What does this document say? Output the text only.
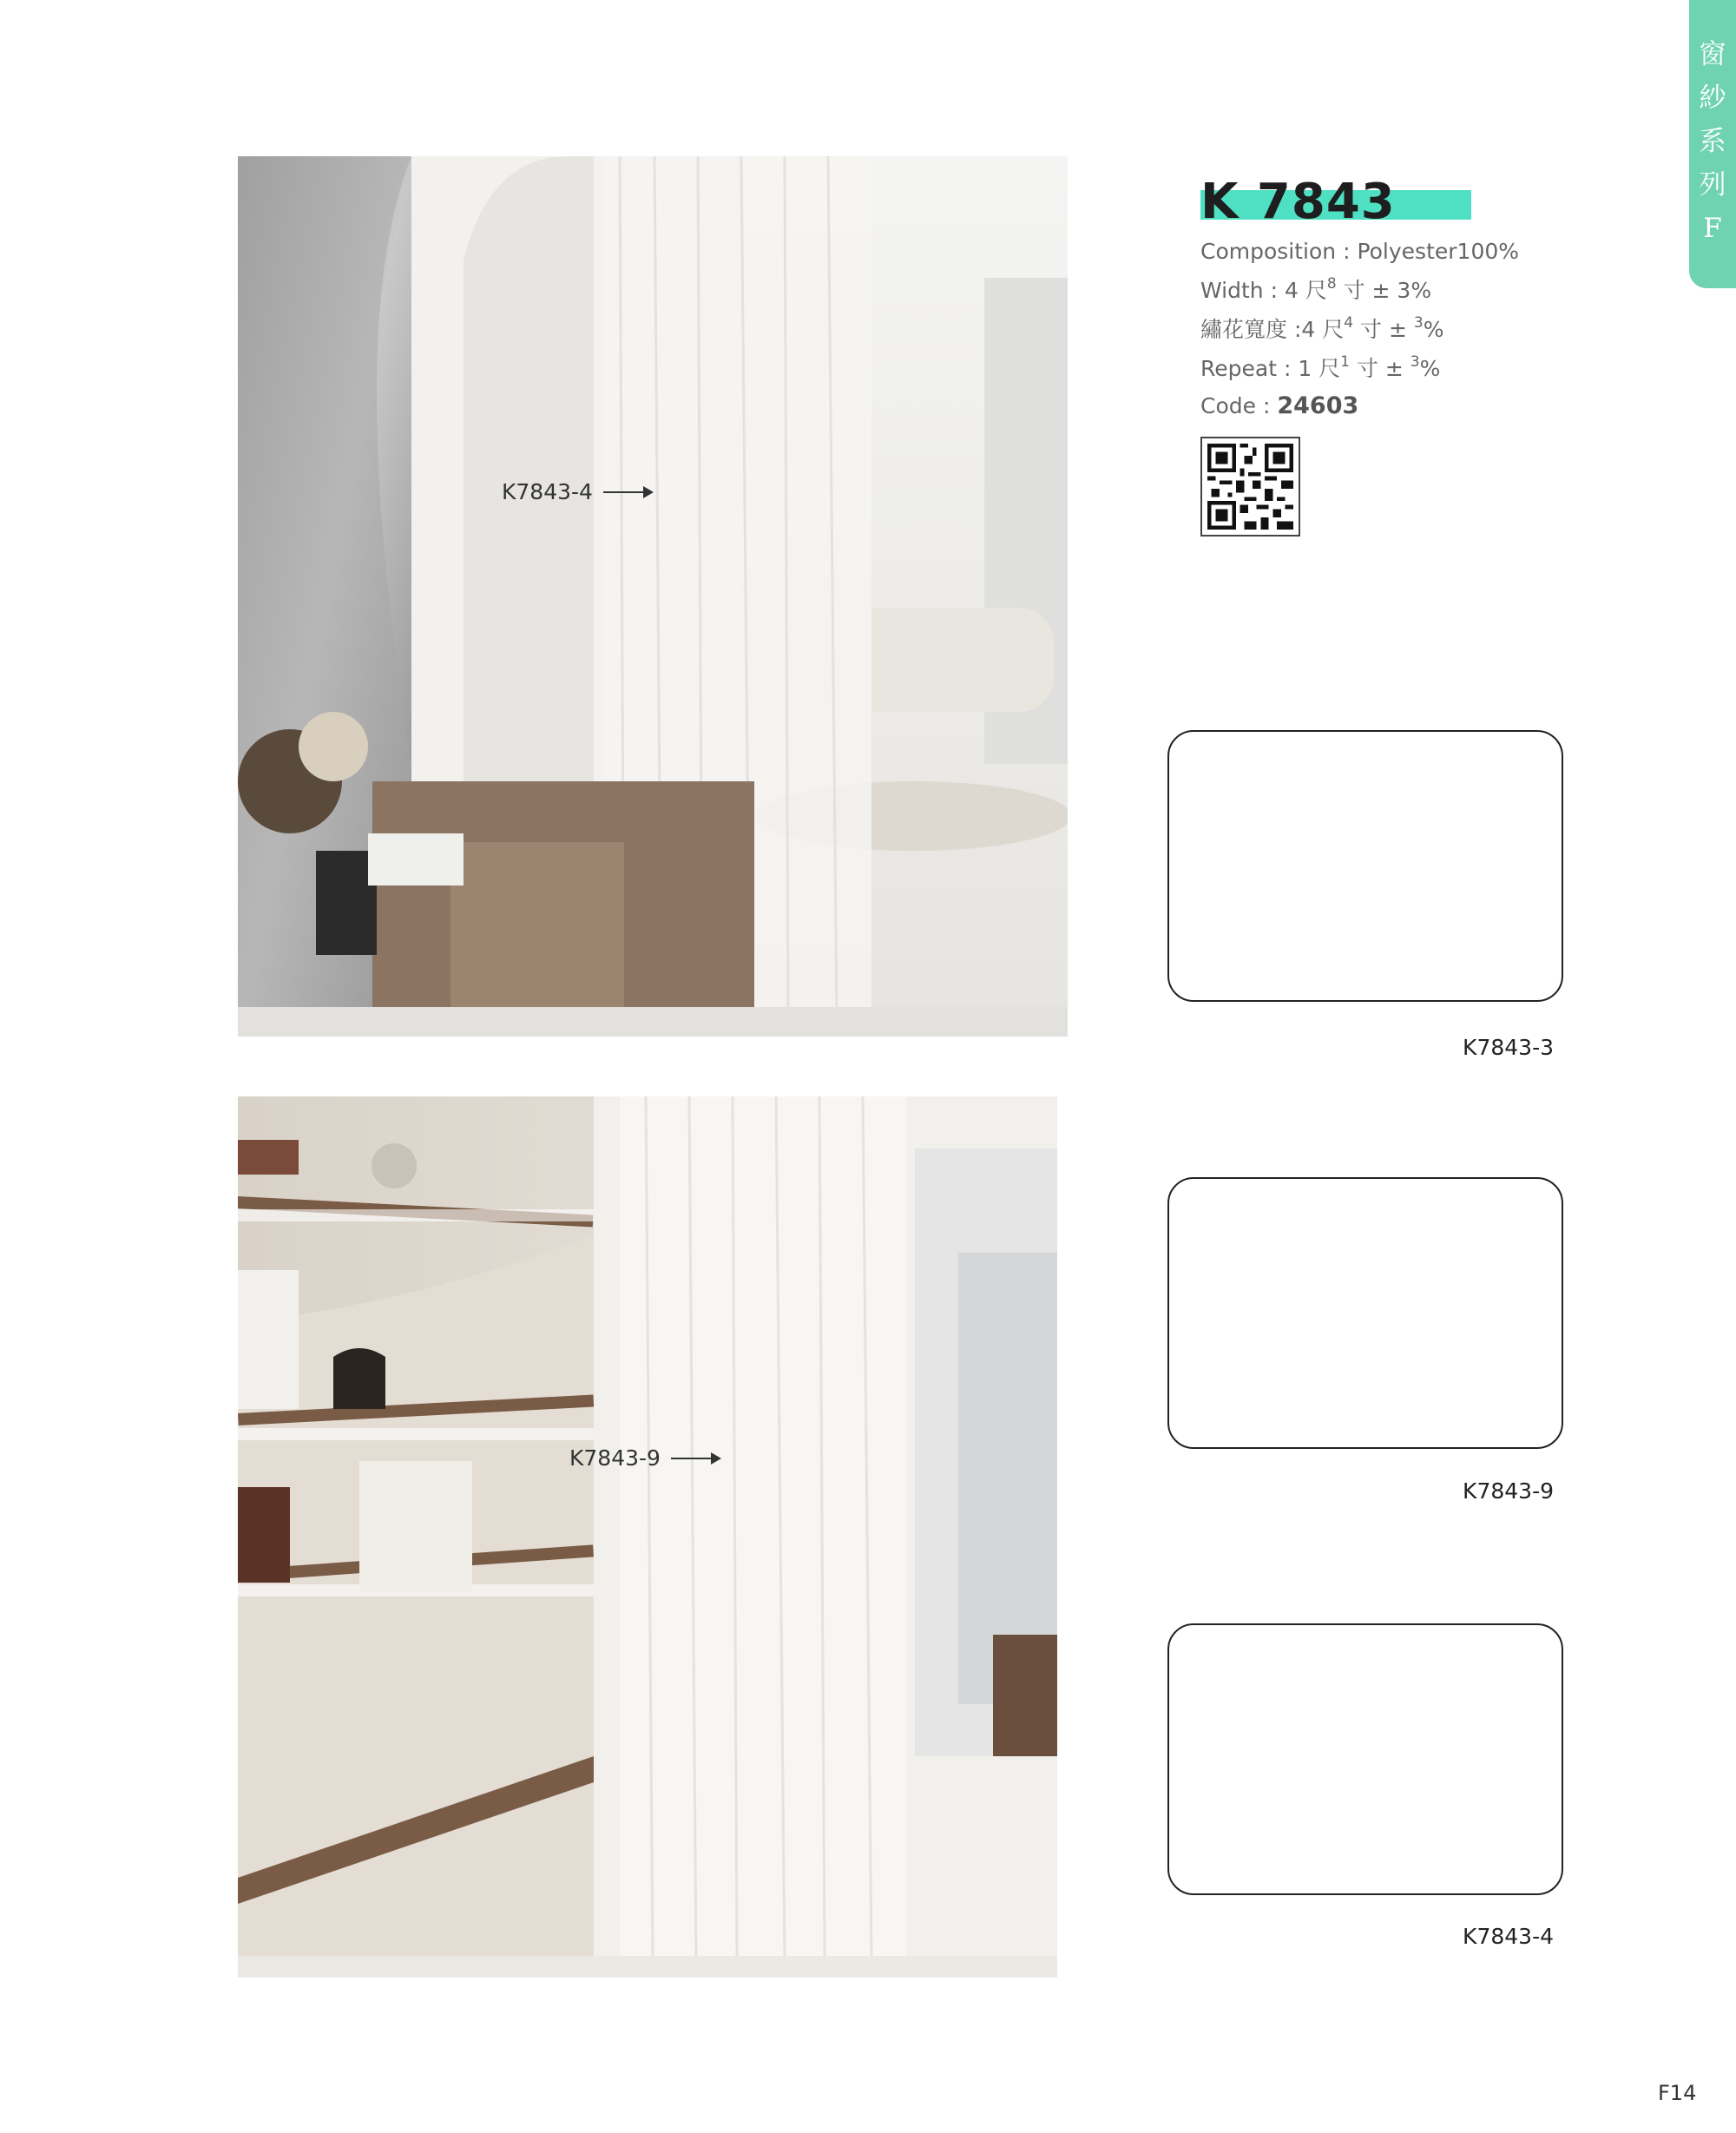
窗
紗
系
列
F
K7843-4
K7843-9
K 7843
Composition : Polyester100%
Width : 4 尺$^8$ 寸 ± 3%
繡花寬度 :4 尺$^4$ 寸 ± $^3$%
Repeat : 1 尺$^1$ 寸 ± $^3$%
Code : 24603
K7843-3
K7843-9
K7843-4
F14
